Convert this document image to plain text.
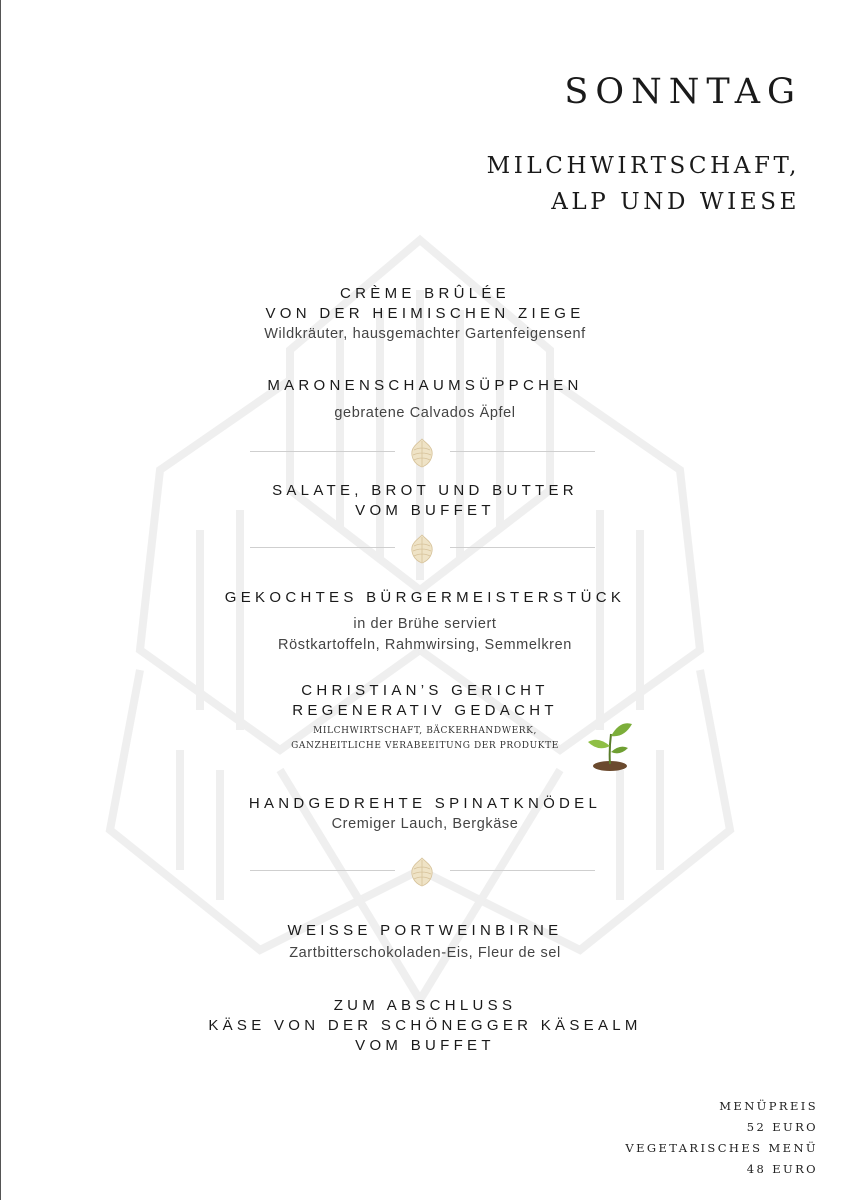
SONNTAG
MILCHWIRTSCHAFT,
ALP UND WIESE
CRÈME BRÛLÉE
VON DER HEIMISCHEN ZIEGE
Wildkräuter, hausgemachter Gartenfeigensenf
MARONENSCHAUMSÜPPCHEN
gebratene Calvados Äpfel
SALATE, BROT UND BUTTER
VOM BUFFET
GEKOCHTES BÜRGERMEISTERSTÜCK
in der Brühe serviert
Röstkartoffeln, Rahmwirsing, Semmelkren
CHRISTIAN’S GERICHT
REGENERATIV GEDACHT
MILCHWIRTSCHAFT, BÄCKERHANDWERK,
GANZHEITLICHE VERABEEITUNG DER PRODUKTE
HANDGEDREHTE SPINATKNÖDEL
Cremiger Lauch, Bergkäse
WEISSE PORTWEINBIRNE
Zartbitterschokoladen-Eis, Fleur de sel
ZUM ABSCHLUSS
KÄSE VON DER SCHÖNEGGER KÄSEALM
VOM BUFFET
MENÜPREIS
52 EURO
VEGETARISCHES MENÜ
48 EURO
